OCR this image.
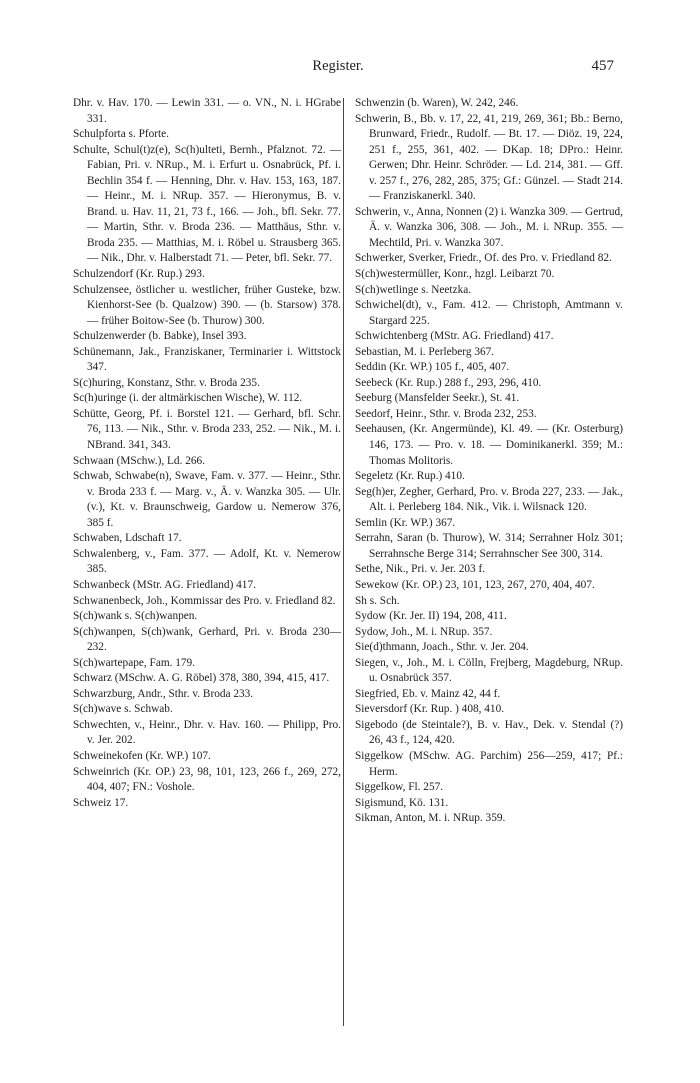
Register.	457
Dhr. v. Hav. 170. — Lewin 331. — o. VN., N. i. HGrabe 331.
Schulpforta s. Pforte.
Schulte, Schul(t)z(e), Sc(h)ulteti, Bernh., Pfalznot. 72. — Fabian, Pri. v. NRup., M. i. Erfurt u. Osnabrück, Pf. i. Bechlin 354 f. — Henning, Dhr. v. Hav. 153, 163, 187. — Heinr., M. i. NRup. 357. — Hieronymus, B. v. Brand. u. Hav. 11, 21, 73 f., 166. — Joh., bfl. Sekr. 77. — Martin, Sthr. v. Broda 236. — Matthäus, Sthr. v. Broda 235. — Matthias, M. i. Röbel u. Strausberg 365. — Nik., Dhr. v. Halberstadt 71. — Peter, bfl. Sekr. 77.
Schulzendorf (Kr. Rup.) 293.
Schulzensee, östlicher u. westlicher, früher Gusteke, bzw. Kienhorst-See (b. Qualzow) 390. — (b. Starsow) 378. — früher Boitow-See (b. Thurow) 300.
Schulzenwerder (b. Babke), Insel 393.
Schünemann, Jak., Franziskaner, Terminarier i. Wittstock 347.
S(c)huring, Konstanz, Sthr. v. Broda 235.
Sc(h)uringe (i. der altmärkischen Wische), W. 112.
Schütte, Georg, Pf. i. Borstel 121. — Gerhard, bfl. Schr. 76, 113. — Nik., Sthr. v. Broda 233, 252. — Nik., M. i. NBrand. 341, 343.
Schwaan (MSchw.), Ld. 266.
Schwab, Schwabe(n), Swave, Fam. v. 377. — Heinr., Sthr. v. Broda 233 f. — Marg. v., Ä. v. Wanzka 305. — Ulr. (v.), Kt. v. Braunschweig, Gardow u. Nemerow 376, 385 f.
Schwaben, Ldschaft 17.
Schwalenberg, v., Fam. 377. — Adolf, Kt. v. Nemerow 385.
Schwanbeck (MStr. AG. Friedland) 417.
Schwanenbeck, Joh., Kommissar des Pro. v. Friedland 82.
S(ch)wank s. S(ch)wanpen.
S(ch)wanpen, S(ch)wank, Gerhard, Pri. v. Broda 230—232.
S(ch)wartepape, Fam. 179.
Schwarz (MSchw. A. G. Röbel) 378, 380, 394, 415, 417.
Schwarzburg, Andr., Sthr. v. Broda 233.
S(ch)wave s. Schwab.
Schwechten, v., Heinr., Dhr. v. Hav. 160. — Philipp, Pro. v. Jer. 202.
Schweinekofen (Kr. WP.) 107.
Schweinrich (Kr. OP.) 23, 98, 101, 123, 266 f., 269, 272, 404, 407; FN.: Voshole.
Schweiz 17.
Schwenzin (b. Waren), W. 242, 246.
Schwerin, B., Bb. v. 17, 22, 41, 219, 269, 361; Bb.: Berno, Brunward, Friedr., Rudolf. — Bt. 17. — Diöz. 19, 224, 251 f., 255, 361, 402. — DKap. 18; DPro.: Heinr. Gerwen; Dhr. Heinr. Schröder. — Ld. 214, 381. — Gff. v. 257 f., 276, 282, 285, 375; Gf.: Günzel. — Stadt 214. — Franziskanerkl. 340.
Schwerin, v., Anna, Nonnen (2) i. Wanzka 309. — Gertrud, Ä. v. Wanzka 306, 308. — Joh., M. i. NRup. 355. — Mechtild, Pri. v. Wanzka 307.
Schwerker, Sverker, Friedr., Of. des Pro. v. Friedland 82.
S(ch)westermüller, Konr., hzgl. Leibarzt 70.
S(ch)wetlinge s. Neetzka.
Schwichel(dt), v., Fam. 412. — Christoph, Amtmann v. Stargard 225.
Schwichtenberg (MStr. AG. Friedland) 417.
Sebastian, M. i. Perleberg 367.
Seddin (Kr. WP.) 105 f., 405, 407.
Seebeck (Kr. Rup.) 288 f., 293, 296, 410.
Seeburg (Mansfelder Seekr.), St. 41.
Seedorf, Heinr., Sthr. v. Broda 232, 253.
Seehausen, (Kr. Angermünde), Kl. 49. — (Kr. Osterburg) 146, 173. — Pro. v. 18. — Dominikanerkl. 359; M.: Thomas Molitoris.
Segeletz (Kr. Rup.) 410.
Seg(h)er, Zegher, Gerhard, Pro. v. Broda 227, 233. — Jak., Alt. i. Perleberg 184. Nik., Vik. i. Wilsnack 120.
Semlin (Kr. WP.) 367.
Serrahn, Saran (b. Thurow), W. 314; Serrahner Holz 301; Serrahnsche Berge 314; Serrahnscher See 300, 314.
Sethe, Nik., Pri. v. Jer. 203 f.
Sewekow (Kr. OP.) 23, 101, 123, 267, 270, 404, 407.
Sh s. Sch.
Sydow (Kr. Jer. II) 194, 208, 411.
Sydow, Joh., M. i. NRup. 357.
Sie(d)thmann, Joach., Sthr. v. Jer. 204.
Siegen, v., Joh., M. i. Cölln, Frejberg, Magdeburg, NRup. u. Osnabrück 357.
Siegfried, Eb. v. Mainz 42, 44 f.
Sieversdorf (Kr. Rup. ) 408, 410.
Sigebodo (de Steintale?), B. v. Hav., Dek. v. Stendal (?) 26, 43 f., 124, 420.
Siggelkow (MSchw. AG. Parchim) 256—259, 417; Pf.: Herm.
Siggelkow, Fl. 257.
Sigismund, Kö. 131.
Sikman, Anton, M. i. NRup. 359.
